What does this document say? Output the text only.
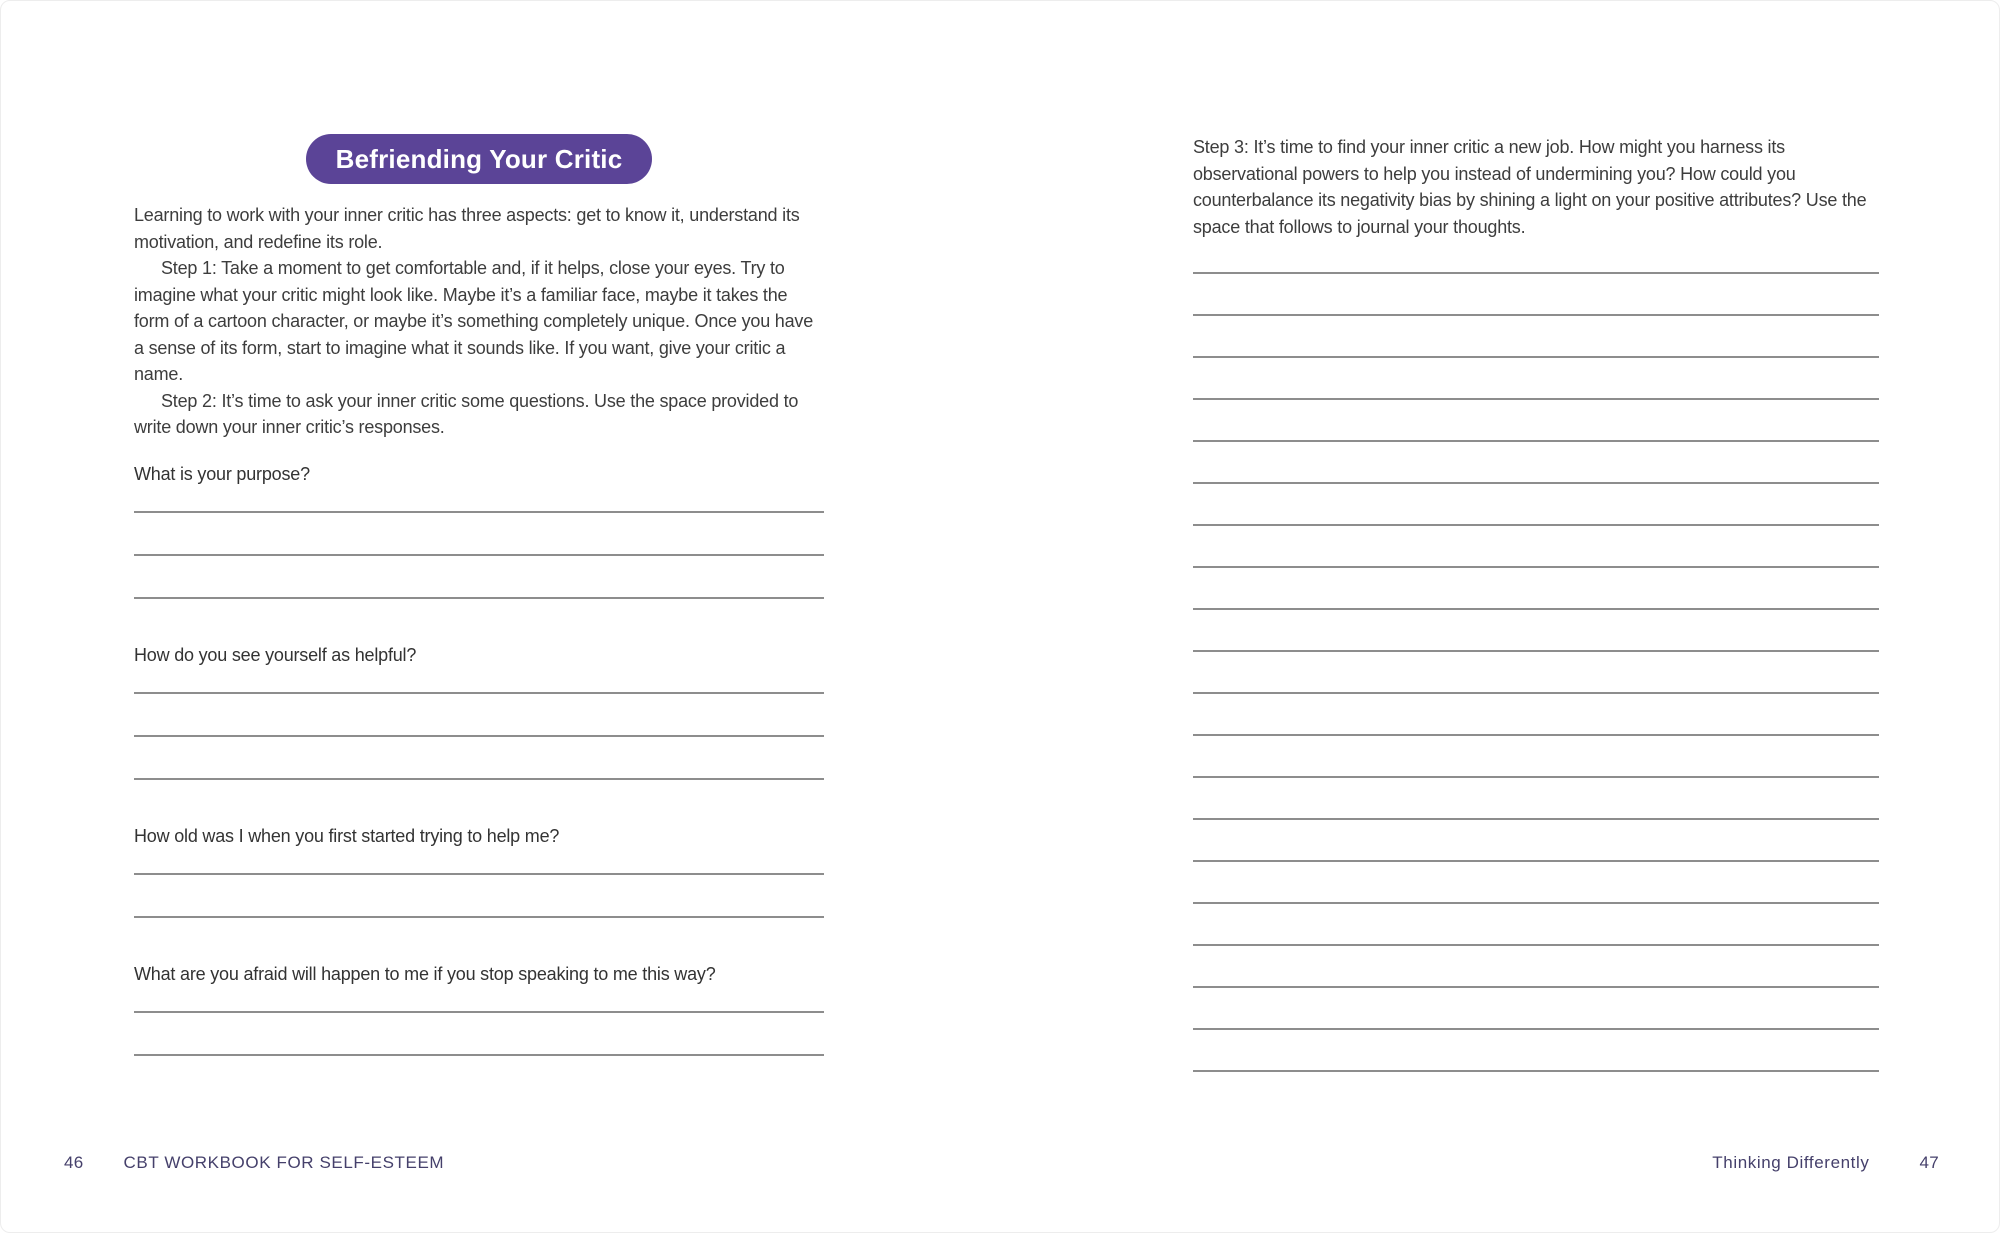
Befriending Your Critic

Learning to work with your inner critic has three aspects: get to know it, understand its motivation, and redefine its role.

Step 1: Take a moment to get comfortable and, if it helps, close your eyes. Try to imagine what your critic might look like. Maybe it’s a familiar face, maybe it takes the form of a cartoon character, or maybe it’s something completely unique. Once you have a sense of its form, start to imagine what it sounds like. If you want, give your critic a name.

Step 2: It’s time to ask your inner critic some questions. Use the space provided to write down your inner critic’s responses.

What is your purpose?
How do you see yourself as helpful?
How old was I when you first started trying to help me?
What are you afraid will happen to me if you stop speaking to me this way?

Step 3: It’s time to find your inner critic a new job. How might you harness its observational powers to help you instead of undermining you? How could you counterbalance its negativity bias by shining a light on your positive attributes? Use the space that follows to journal your thoughts.

46 CBT WORKBOOK FOR SELF-ESTEEM	Thinking Differently	47
